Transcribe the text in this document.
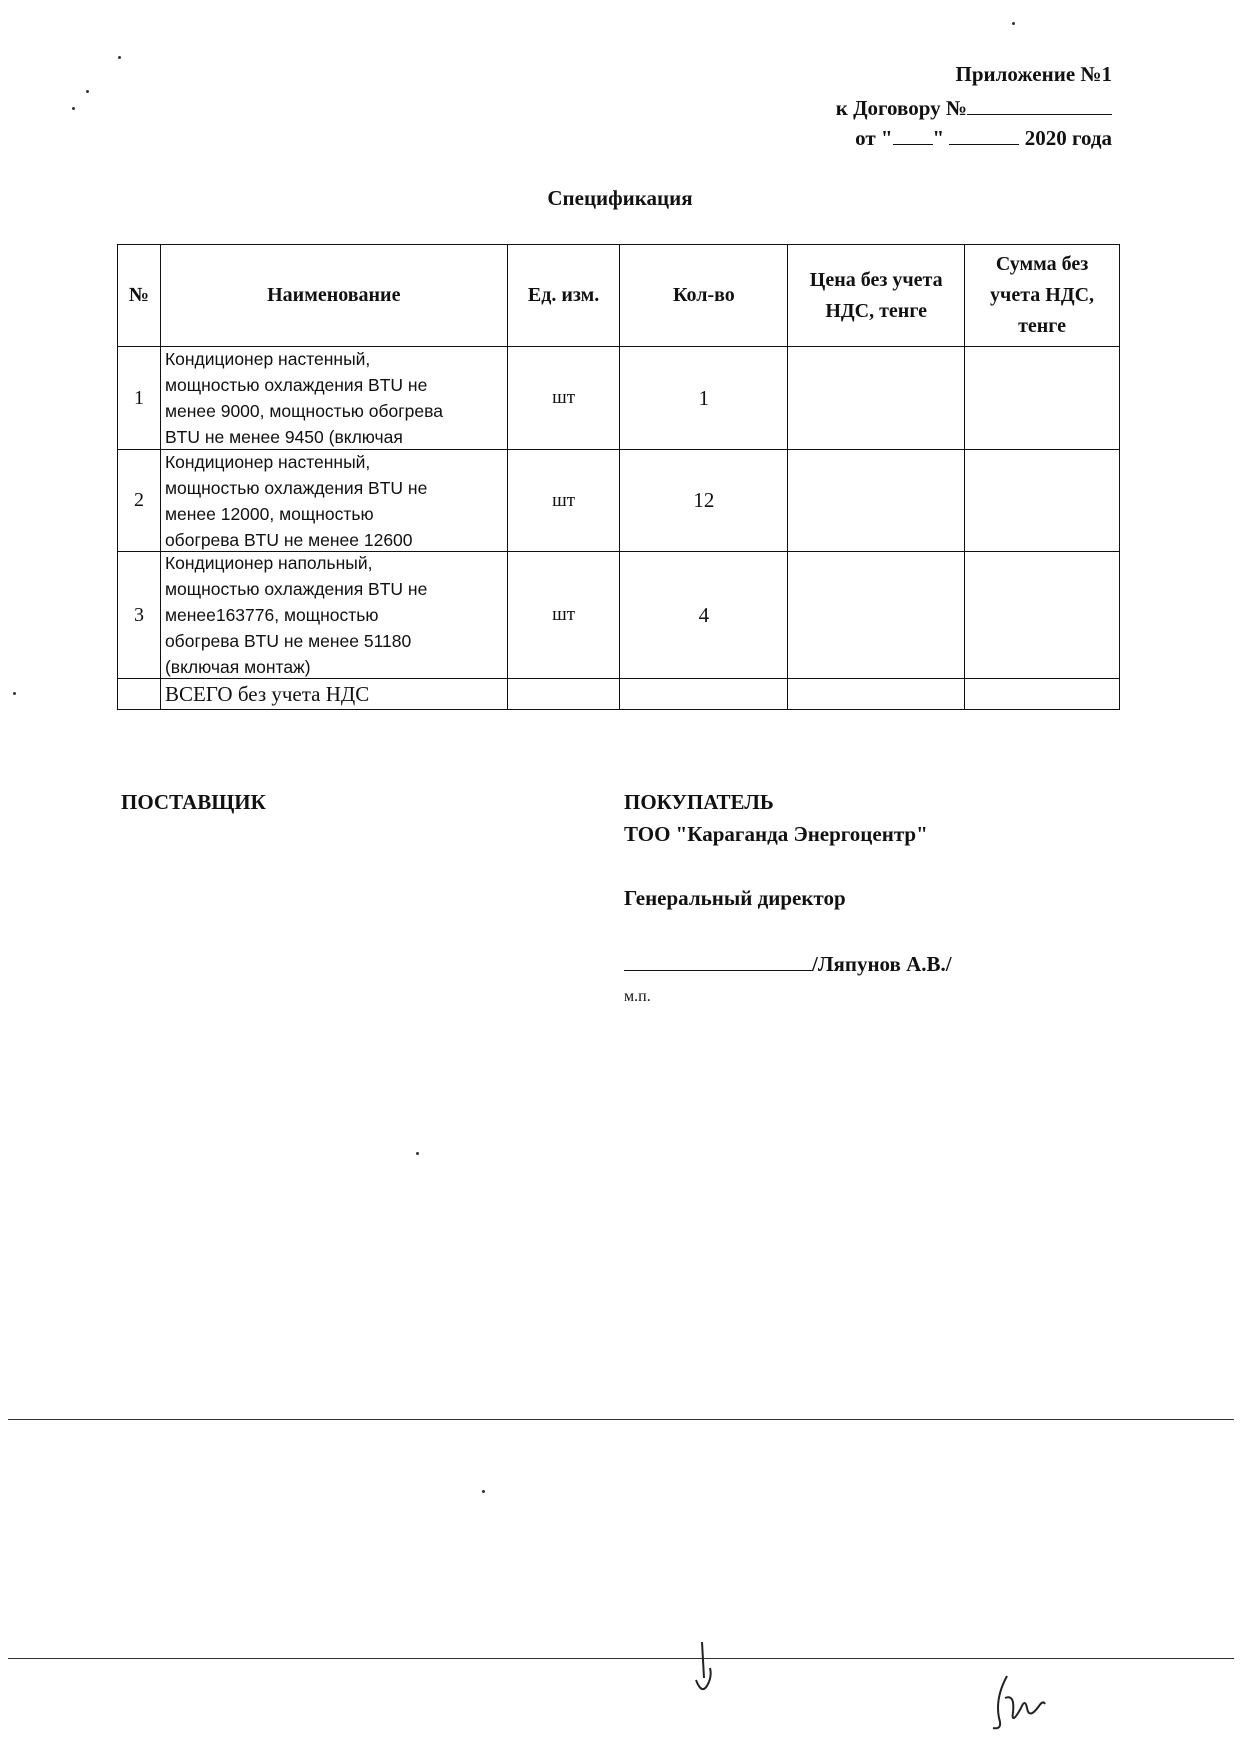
Приложение №1
к Договору №
от " "	2020 года
Спецификация
№	Наименование	Ед. изм.	Кол-во	Цена без учета НДС, тенге	Сумма без учета НДС, тенге
1	Кондиционер настенный,
мощностью охлаждения BTU не
менее 9000, мощностью обогрева
BTU не менее 9450 (включая	шт	1		
2	Кондиционер настенный,
мощностью охлаждения BTU не
менее 12000, мощностью
обогрева BTU не менее 12600	шт	12		
3	Кондиционер напольный,
мощностью охлаждения BTU не
менее163776, мощностью
обогрева BTU не менее 51180
(включая монтаж)	шт	4		
	ВСЕГО без учета НДС				
ПОСТАВЩИК	ПОКУПАТЕЛЬ
ТОО "Караганда Энергоцентр"
Генеральный директор
/Ляпунов А.В./
м.п.
